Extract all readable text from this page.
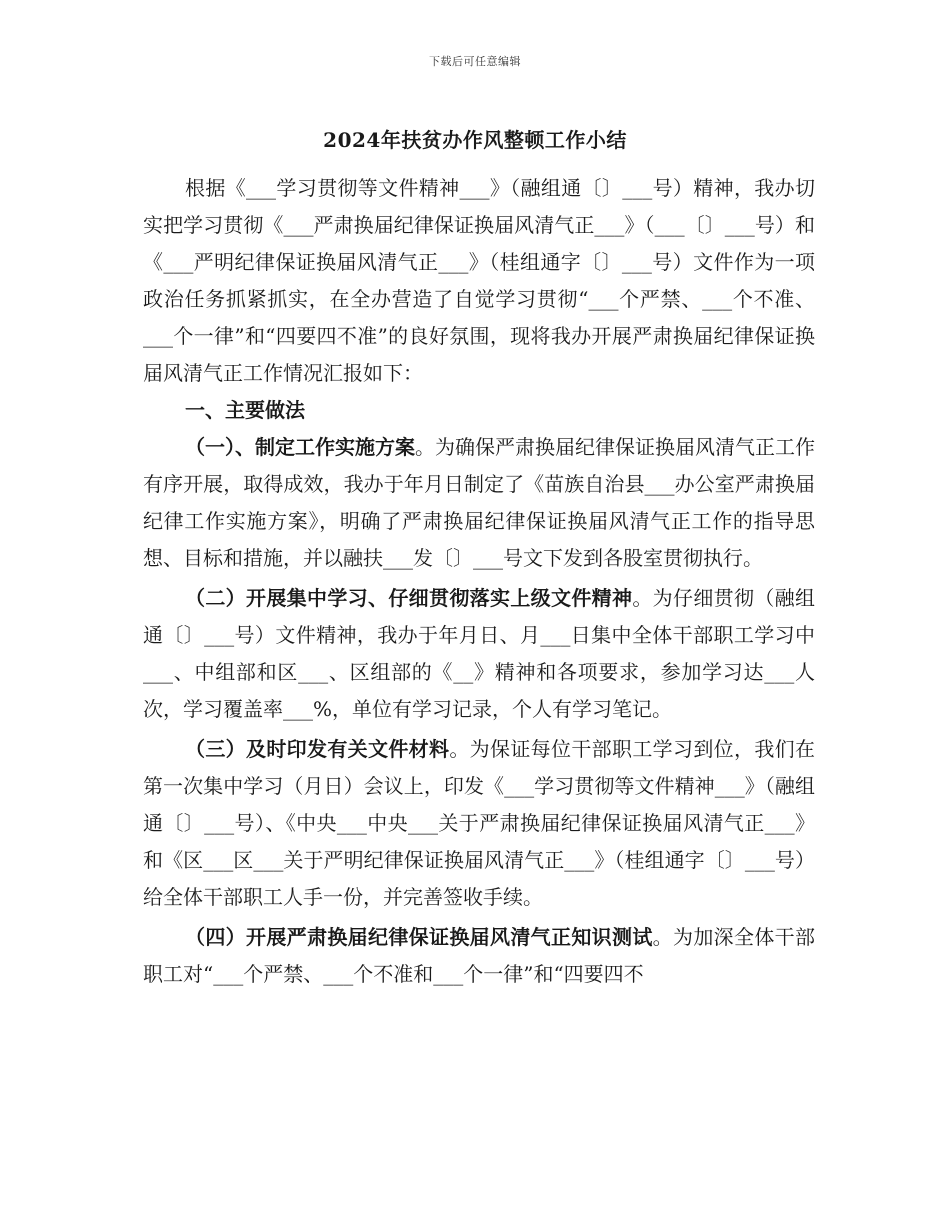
下载后可任意编辑
2024年扶贫办作风整顿工作小结

根据《___学习贯彻等文件精神___》（融组通〔〕___号）精神，我办切实把学习贯彻《___严肃换届纪律保证换届风清气正___》（___〔〕___号）和《___严明纪律保证换届风清气正___》（桂组通字〔〕___号）文件作为一项政治任务抓紧抓实，在全办营造了自觉学习贯彻“___个严禁、___个不准、___个一律”和“四要四不准”的良好氛围，现将我办开展严肃换届纪律保证换届风清气正工作情况汇报如下：

一、主要做法

（一）、制定工作实施方案。为确保严肃换届纪律保证换届风清气正工作有序开展，取得成效，我办于年月日制定了《苗族自治县___办公室严肃换届纪律工作实施方案》，明确了严肃换届纪律保证换届风清气正工作的指导思想、目标和措施，并以融扶___发〔〕___号文下发到各股室贯彻执行。

（二）开展集中学习、仔细贯彻落实上级文件精神。为仔细贯彻（融组通〔〕___号）文件精神，我办于年月日、月___日集中全体干部职工学习中___、中组部和区___、区组部的《__》精神和各项要求，参加学习达___人次，学习覆盖率___%，单位有学习记录，个人有学习笔记。

（三）及时印发有关文件材料。为保证每位干部职工学习到位，我们在第一次集中学习（月日）会议上，印发《___学习贯彻等文件精神___》（融组通〔〕___号）、《中央___中央___关于严肃换届纪律保证换届风清气正___》和《区___区___关于严明纪律保证换届风清气正___》（桂组通字〔〕___号）给全体干部职工人手一份，并完善签收手续。

（四）开展严肃换届纪律保证换届风清气正知识测试。为加深全体干部职工对“___个严禁、___个不准和___个一律”和“四要四不
